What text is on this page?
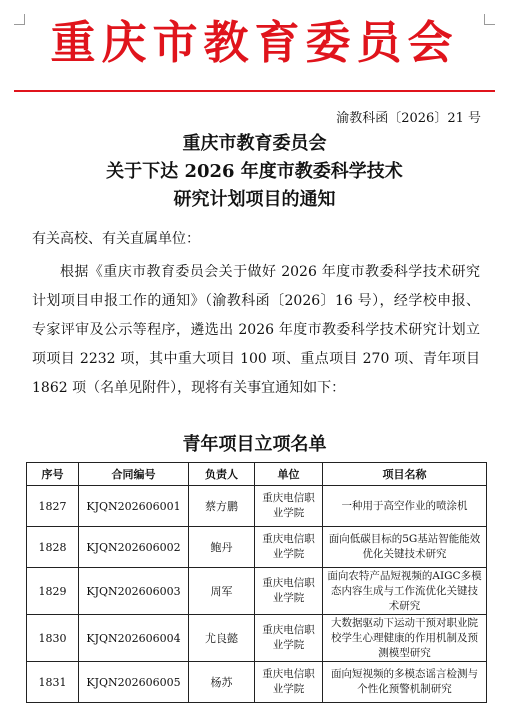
重庆市教育委员会
渝教科函〔2026〕21 号
重庆市教育委员会
关于下达 2026 年度市教委科学技术
研究计划项目的通知
有关高校、有关直属单位：
根据《重庆市教育委员会关于做好 2026 年度市教委科学技术研究计划项目申报工作的通知》（渝教科函〔2026〕16 号），经学校申报、专家评审及公示等程序，遴选出 2026 年度市教委科学技术研究计划立项项目 2232 项，其中重大项目 100 项、重点项目 270 项、青年项目 1862 项（名单见附件），现将有关事宜通知如下：
青年项目立项名单
序号	合同编号	负责人	单位	项目名称
1827	KJQN202606001	蔡方鹏	重庆电信职业学院	一种用于高空作业的喷涂机
1828	KJQN202606002	鲍丹	重庆电信职业学院	面向低碳目标的5G基站智能能效优化关键技术研究
1829	KJQN202606003	周军	重庆电信职业学院	面向农特产品短视频的AIGC多模态内容生成与工作流优化关键技术研究
1830	KJQN202606004	尤良懿	重庆电信职业学院	大数据驱动下运动干预对职业院校学生心理健康的作用机制及预测模型研究
1831	KJQN202606005	杨苏	重庆电信职业学院	面向短视频的多模态谣言检测与个性化预警机制研究
